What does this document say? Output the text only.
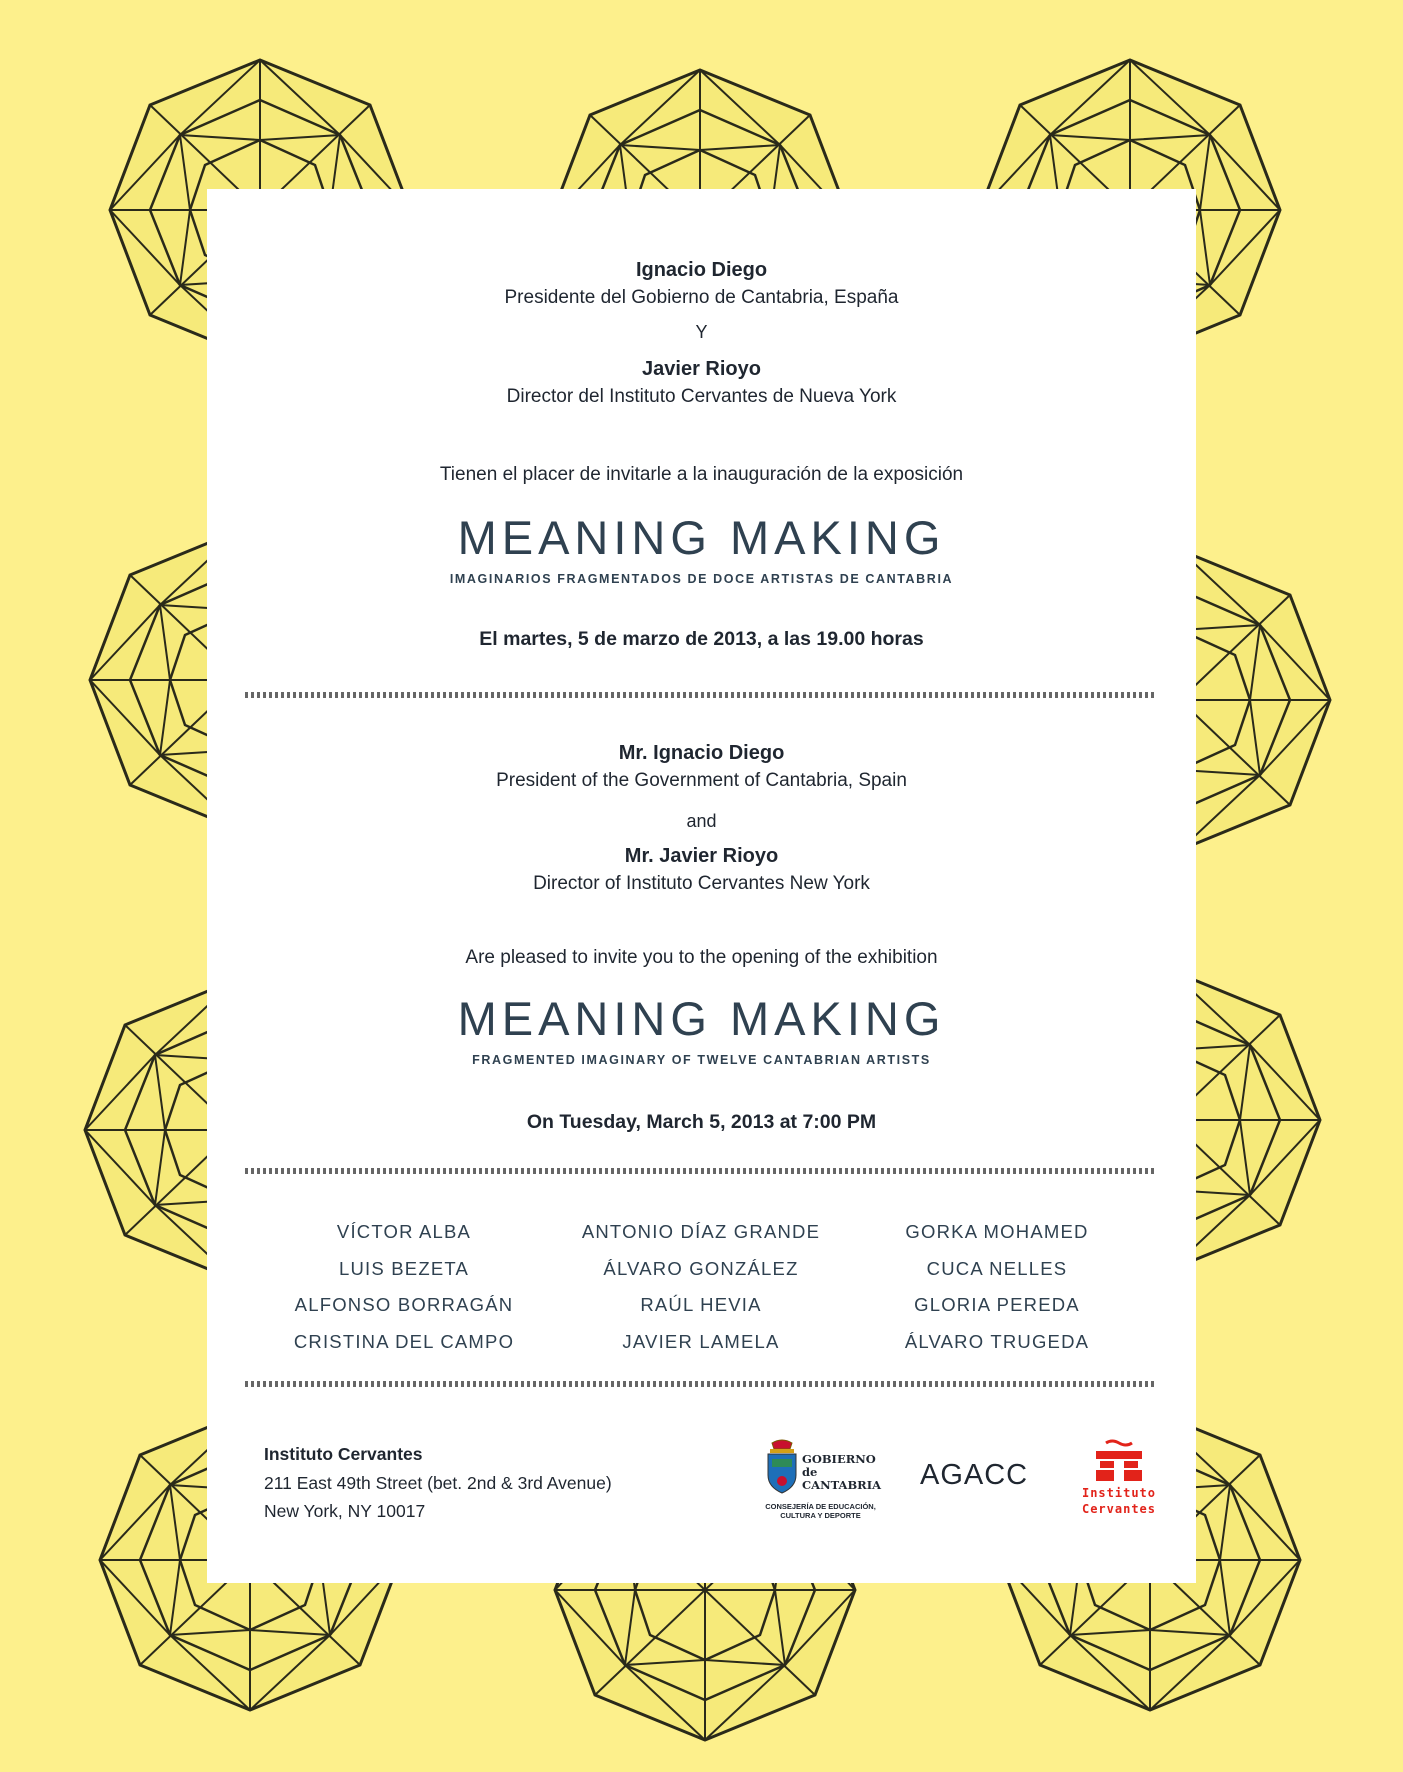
Ignacio Diego
Presidente del Gobierno de Cantabria, España
Y
Javier Rioyo
Director del Instituto Cervantes de Nueva York
Tienen el placer de invitarle a la inauguración de la exposición
MEANING MAKING
IMAGINARIOS FRAGMENTADOS DE DOCE ARTISTAS DE CANTABRIA
El martes, 5 de marzo de 2013, a las 19.00 horas
Mr. Ignacio Diego
President of the Government of Cantabria, Spain
and
Mr. Javier Rioyo
Director of Instituto Cervantes New York
Are pleased to invite you to the opening of the exhibition
MEANING MAKING
FRAGMENTED IMAGINARY OF TWELVE CANTABRIAN ARTISTS
On Tuesday, March 5, 2013 at 7:00 PM
VÍCTOR ALBA
LUIS BEZETA
ALFONSO BORRAGÁN
CRISTINA DEL CAMPO
ANTONIO DÍAZ GRANDE
ÁLVARO GONZÁLEZ
RAÚL HEVIA
JAVIER LAMELA
GORKA MOHAMED
CUCA NELLES
GLORIA PEREDA
ÁLVARO TRUGEDA
Instituto Cervantes
211 East 49th Street (bet. 2nd & 3rd Avenue)
New York, NY 10017
GOBIERNO
de
CANTABRIA
CONSEJERÍA DE EDUCACIÓN,
CULTURA Y DEPORTE
AGACC
Instituto
Cervantes
